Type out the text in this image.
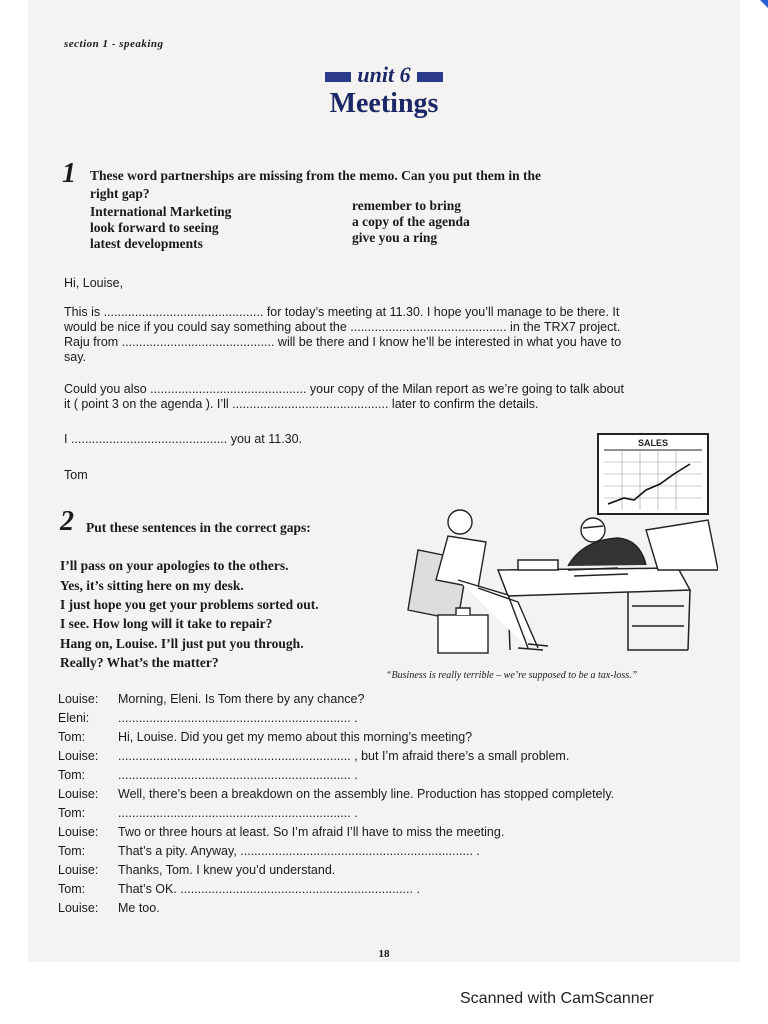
section 1 - speaking
unit 6
Meetings
1 These word partnerships are missing from the memo. Can you put them in the
right gap?
International Marketing
look forward to seeing
latest developments
remember to bring
a copy of the agenda
give you a ring
Hi, Louise,
This is .............................................. for today’s meeting at 11.30. I hope you’ll manage to be there. It
would be nice if you could say something about the ............................................. in the TRX7 project.
Raju from ............................................ will be there and I know he’ll be interested in what you have to
say.
Could you also ............................................. your copy of the Milan report as we’re going to talk about
it ( point 3 on the agenda ). I’ll ............................................. later to confirm the details.
I ............................................. you at 11.30.
Tom
2 Put these sentences in the correct gaps:
I’ll pass on your apologies to the others.
Yes, it’s sitting here on my desk.
I just hope you get your problems sorted out.
I see. How long will it take to repair?
Hang on, Louise. I’ll just put you through.
Really? What’s the matter?
SALES
“Business is really terrible – we’re supposed to be a tax-loss.”
Louise: Morning, Eleni. Is Tom there by any chance?
Eleni: ................................................................... .
Tom:	Hi, Louise. Did you get my memo about this morning’s meeting?
Louise: ................................................................... , but I’m afraid there’s a small problem.
Tom:	................................................................... .
Louise: Well, there’s been a breakdown on the assembly line. Production has stopped completely.
Tom:	................................................................... .
Louise: Two or three hours at least. So I’m afraid I’ll have to miss the meeting.
Tom:	That’s a pity. Anyway, ................................................................... .
Louise: Thanks, Tom. I knew you’d understand.
Tom:	That’s OK. ................................................................... .
Louise: Me too.
18
Scanned with CamScanner
